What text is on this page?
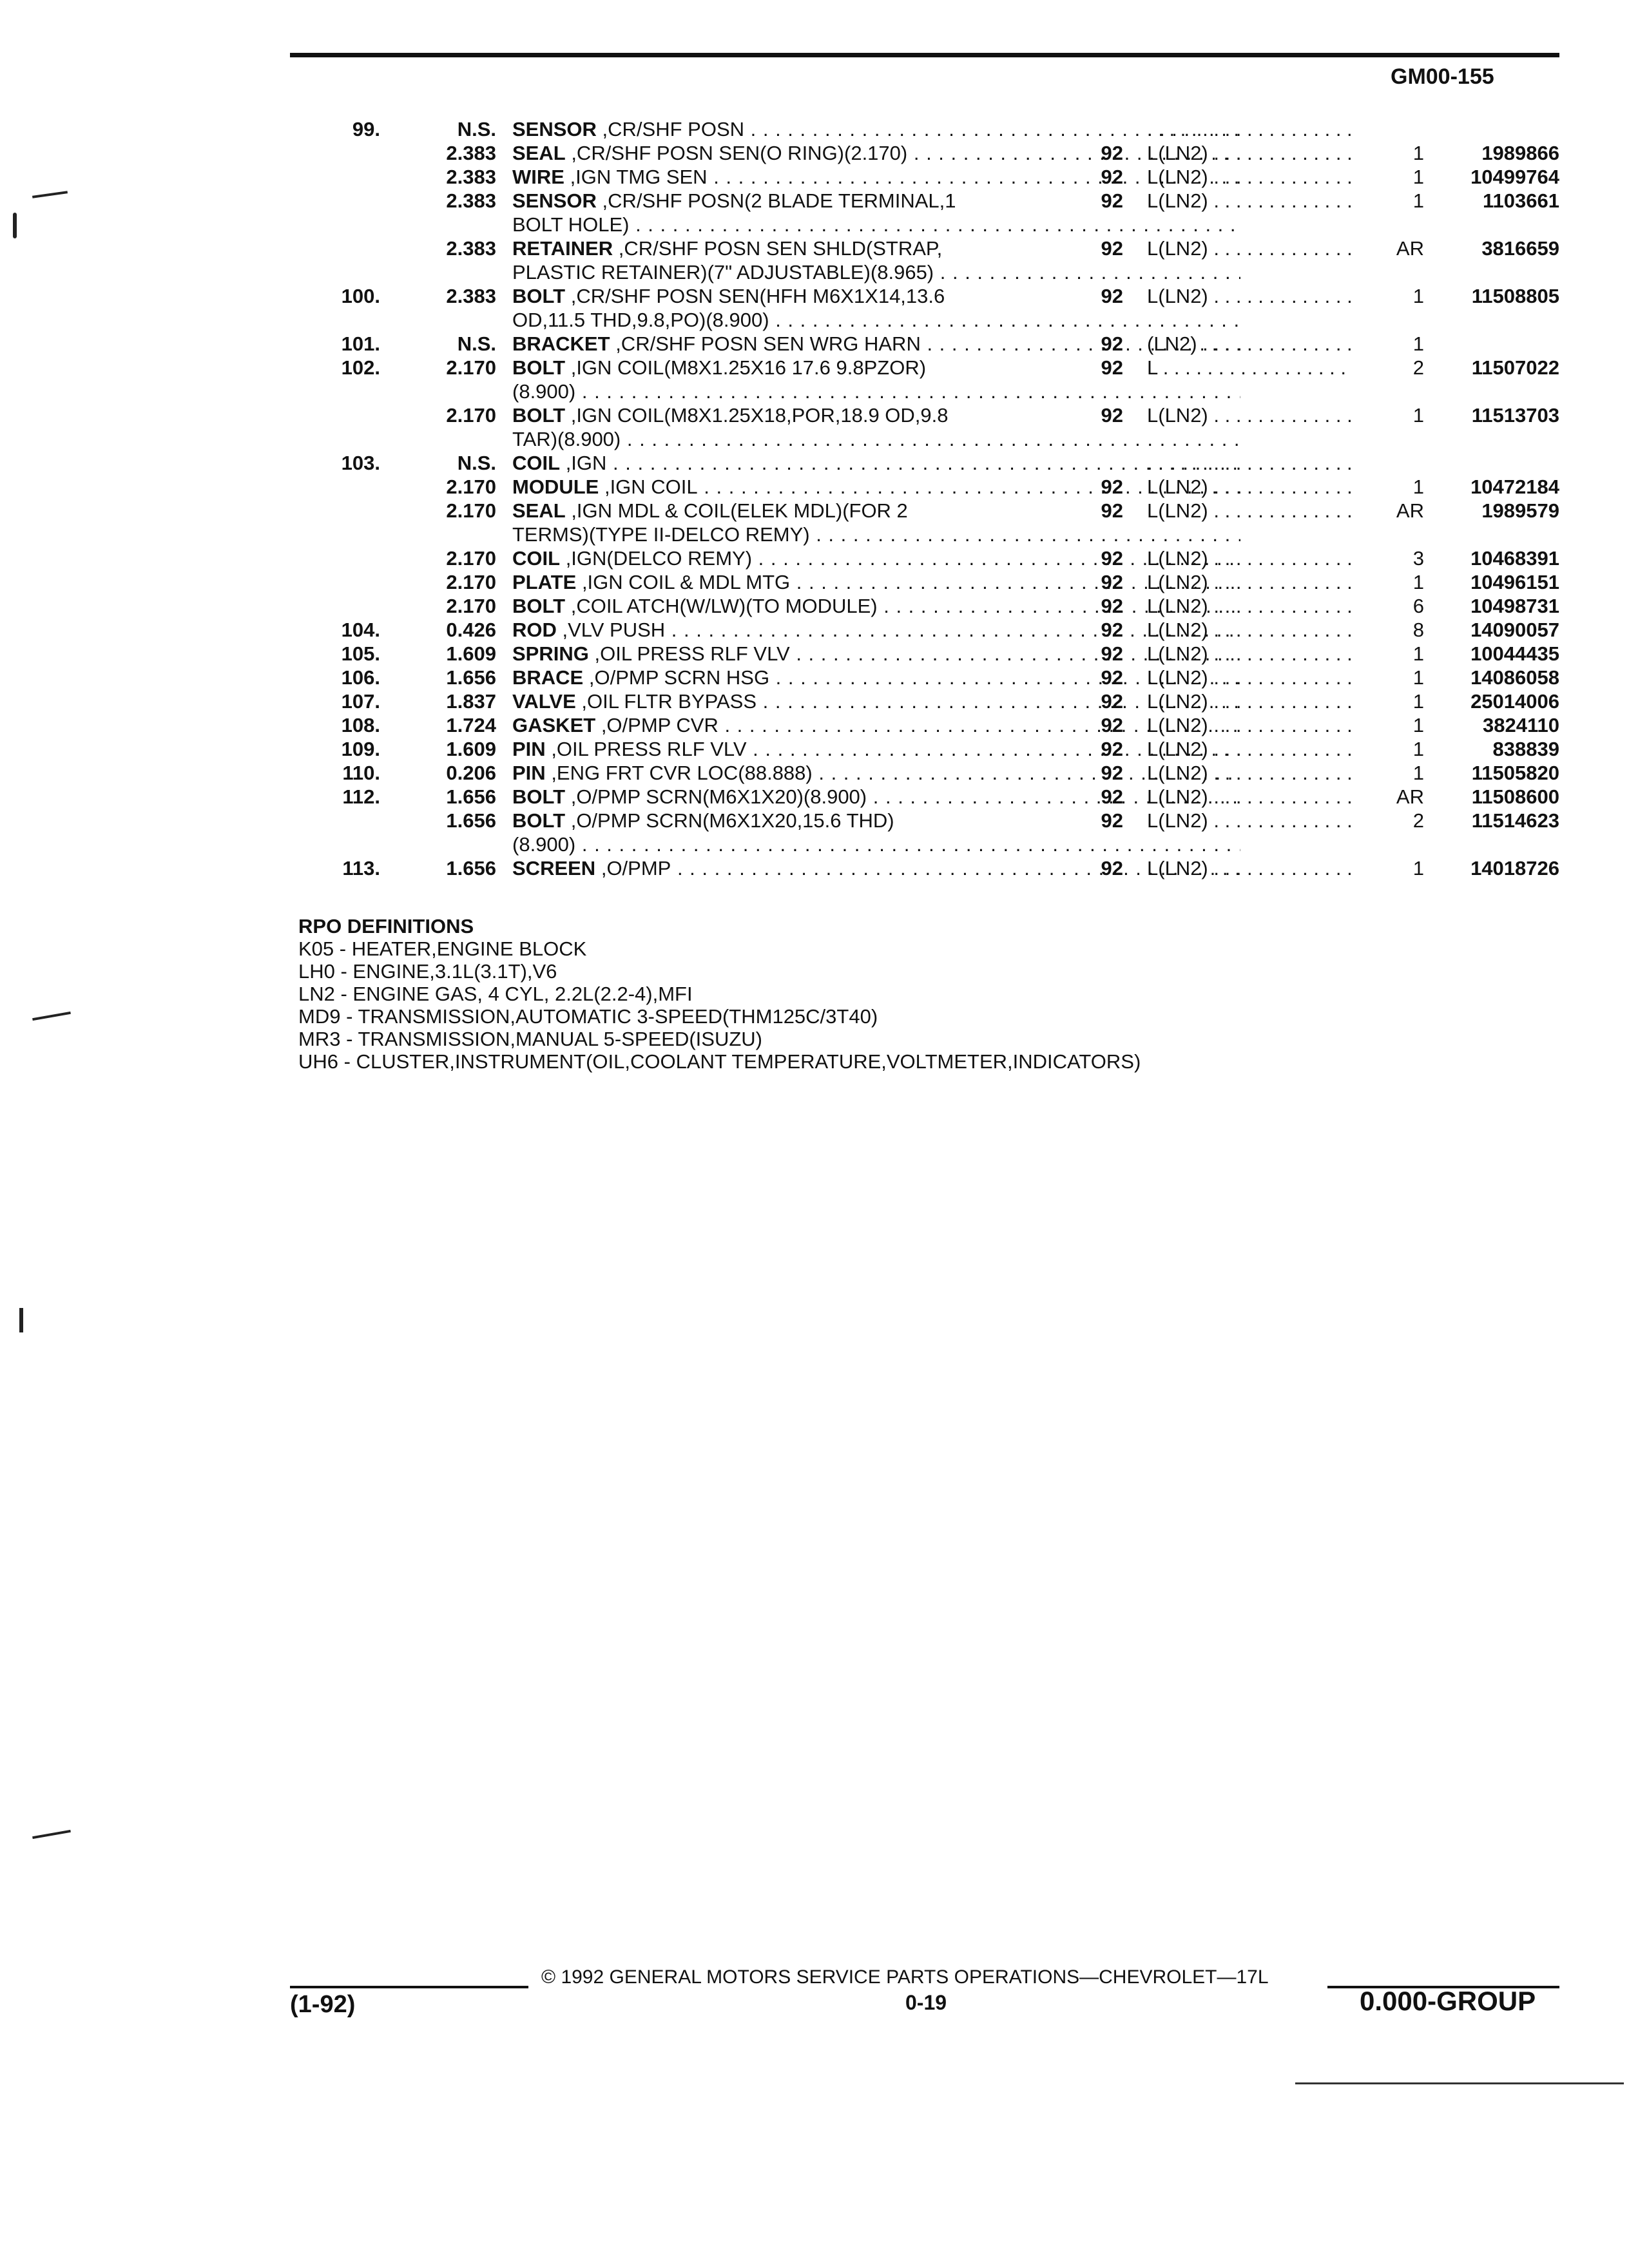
GM00-155
99.	N.S. SENSOR ,CR/SHF POSN . . .
. . .
2.383 SEAL ,CR/SHF POSN SEN(O RING)(2.170) . . .	92 L(LN2) . . .	1	1989866
2.383 WIRE ,IGN TMG SEN . . .	92 L(LN2) . . .	1	10499764
2.383 SENSOR ,CR/SHF POSN(2 BLADE TERMINAL,1
BOLT HOLE) . . .
92 L(LN2) . . .	1	1103661
2.383 RETAINER ,CR/SHF POSN SEN SHLD(STRAP,
PLASTIC RETAINER)(7" ADJUSTABLE)(8.965) . . .
92 L(LN2) . . .	AR	3816659
100.	2.383 BOLT ,CR/SHF POSN SEN(HFH M6X1X14,13.6
OD,11.5 THD,9.8,PO)(8.900) . . .
92 L(LN2) . . .	1	11508805
101.	N.S. BRACKET ,CR/SHF POSN SEN WRG HARN . . .	92 (LN2) . . .	1
102.	2.170 BOLT ,IGN COIL(M8X1.25X16 17.6 9.8PZOR)
(8.900) . . .
92 L . . .	2	11507022
2.170 BOLT ,IGN COIL(M8X1.25X18,POR,18.9 OD,9.8
TAR)(8.900) . . .
92 L(LN2) . . .	1	11513703
103.	N.S. COIL ,IGN . . .
. . .
2.170 MODULE ,IGN COIL . . .	92 L(LN2) . . .	1	10472184
2.170 SEAL ,IGN MDL & COIL(ELEK MDL)(FOR 2
TERMS)(TYPE II-DELCO REMY) . . .
92 L(LN2) . . .	AR	1989579
2.170 COIL ,IGN(DELCO REMY) . . .	92 L(LN2) . . .	3	10468391
2.170 PLATE ,IGN COIL & MDL MTG . . .	92 L(LN2) . . .	1	10496151
2.170 BOLT ,COIL ATCH(W/LW)(TO MODULE) . . .	92 L(LN2) . . .	6	10498731
104.	0.426 ROD ,VLV PUSH . . .	92 L(LN2) . . .	8	14090057
105.	1.609 SPRING ,OIL PRESS RLF VLV . . .	92 L(LN2) . . .	1	10044435
106.	1.656 BRACE ,O/PMP SCRN HSG . . .	92 L(LN2) . . .	1	14086058
107.	1.837 VALVE ,OIL FLTR BYPASS . . .	92 L(LN2) . . .	1	25014006
108.	1.724 GASKET ,O/PMP CVR . . .	92 L(LN2) . . .	1	3824110
109.	1.609 PIN ,OIL PRESS RLF VLV . . .	92 L(LN2) . . .	1	838839
110.	0.206 PIN ,ENG FRT CVR LOC(88.888) . . .	92 L(LN2) . . .	1	11505820
112.	1.656 BOLT ,O/PMP SCRN(M6X1X20)(8.900) . . .	92 L(LN2) . . .	AR	11508600
1.656 BOLT ,O/PMP SCRN(M6X1X20,15.6 THD)
(8.900) . . .
92 L(LN2) . . .	2	11514623
113.	1.656 SCREEN ,O/PMP . . .	92 L(LN2) . . .	1	14018726
RPO DEFINITIONS
K05 - HEATER,ENGINE BLOCK
LH0 - ENGINE,3.1L(3.1T),V6
LN2 - ENGINE GAS, 4 CYL, 2.2L(2.2-4),MFI
MD9 - TRANSMISSION,AUTOMATIC 3-SPEED(THM125C/3T40)
MR3 - TRANSMISSION,MANUAL 5-SPEED(ISUZU)
UH6 - CLUSTER,INSTRUMENT(OIL,COOLANT TEMPERATURE,VOLTMETER,INDICATORS)
© 1992 GENERAL MOTORS SERVICE PARTS OPERATIONS—CHEVROLET—17L
(1-92)	0-19	0.000-GROUP
